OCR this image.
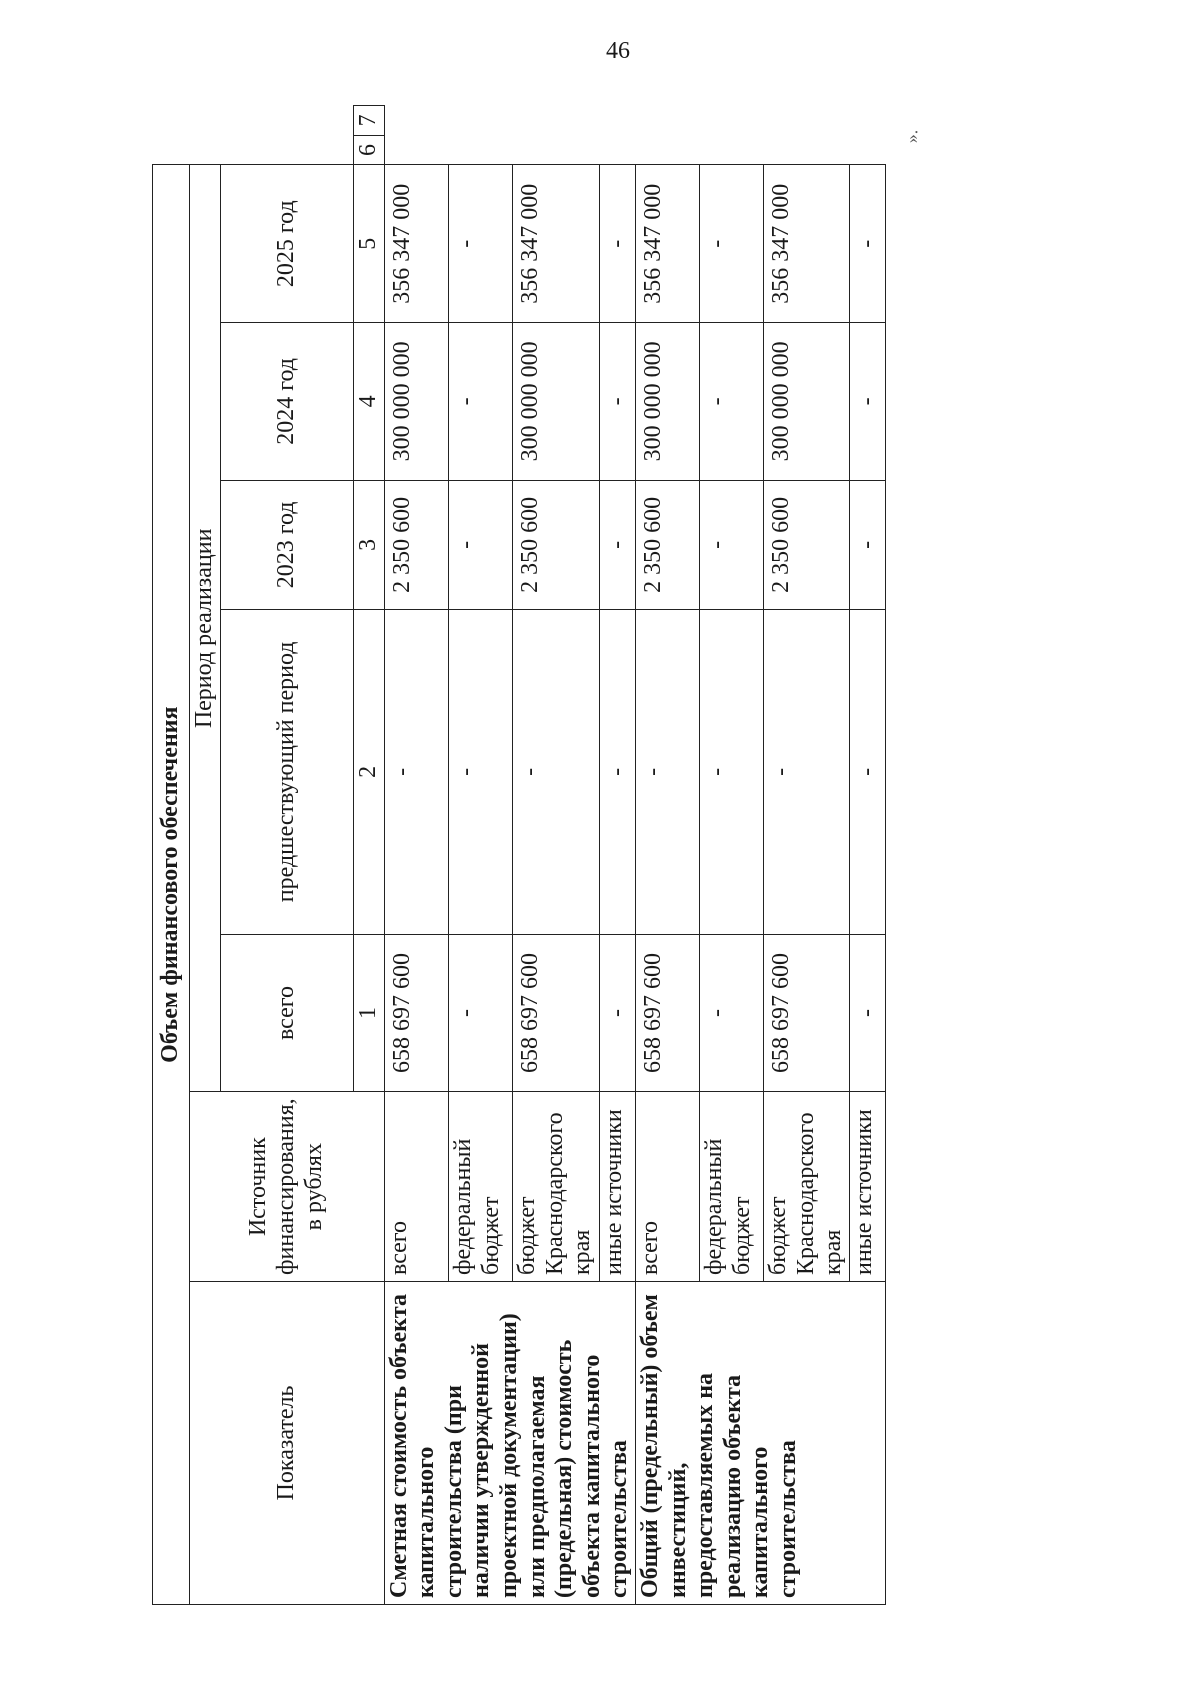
46
Объем финансового обеспечения								
Показатель	Источник финансирования, в рублях	Период реализации						
		всего	предшествующий период	2023 год	2024 год	2025 год		
		1	2	3	4	5	6	7
Сметная стоимость объекта капитального строительства (при наличии утвержденной проектной документации) или предполагаемая (предельная) стоимость объекта капитального строительства	всего	658 697 600	-	2 350 600	300 000 000	356 347 000		
	федеральный бюджет	-	-	-	-	-		
	бюджет Краснодарского края	658 697 600	-	2 350 600	300 000 000	356 347 000		
	иные источники	-	-	-	-	-		
Общий (предельный) объем инвестиций, предоставляемых на реализацию объекта капитального строительства	всего	658 697 600	-	2 350 600	300 000 000	356 347 000		
	федеральный бюджет	-	-	-	-	-		
	бюджет Краснодарского края	658 697 600	-	2 350 600	300 000 000	356 347 000		
	иные источники	-	-	-	-	-		
».
